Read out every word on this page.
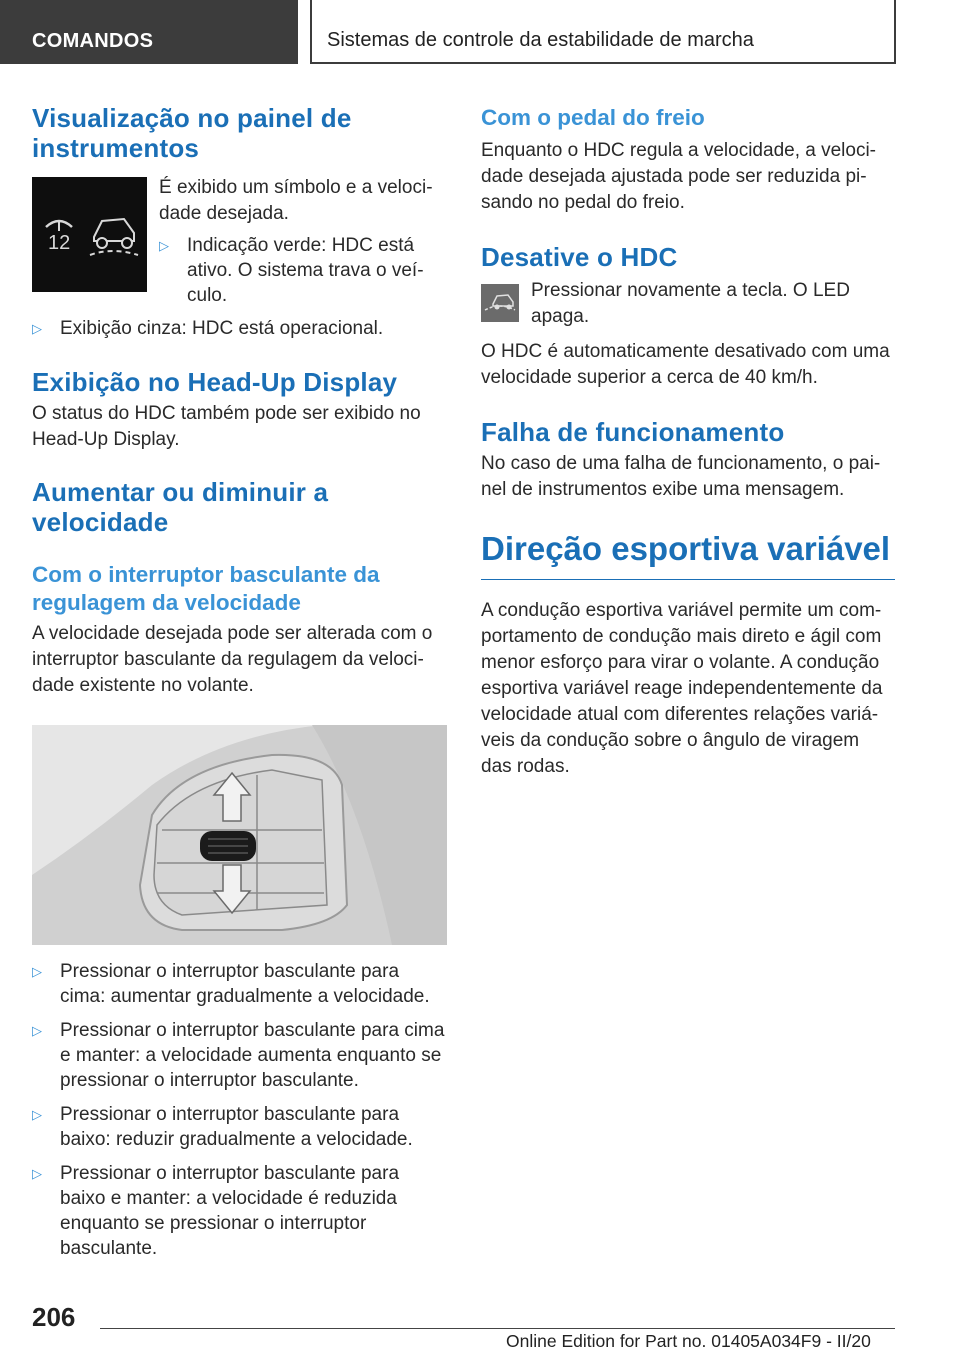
COMANDOS	Sistemas de controle da estabilidade de marcha
Visualização no painel de instrumentos
12
É exibido um símbolo e a veloci-dade desejada.
▷ Indicação verde: HDC está ativo. O sistema trava o veí-culo.
▷ Exibição cinza: HDC está operacional.
Exibição no Head-Up Display
O status do HDC também pode ser exibido no Head-Up Display.
Aumentar ou diminuir a velocidade
Com o interruptor basculante da regulagem da velocidade
A velocidade desejada pode ser alterada com o interruptor basculante da regulagem da veloci-dade existente no volante.
▷ Pressionar o interruptor basculante para cima: aumentar gradualmente a velocidade.
▷ Pressionar o interruptor basculante para cima e manter: a velocidade aumenta enquanto se pressionar o interruptor basculante.
▷ Pressionar o interruptor basculante para baixo: reduzir gradualmente a velocidade.
▷ Pressionar o interruptor basculante para baixo e manter: a velocidade é reduzida enquanto se pressionar o interruptor basculante.
Com o pedal do freio
Enquanto o HDC regula a velocidade, a veloci-dade desejada ajustada pode ser reduzida pi-sando no pedal do freio.
Desative o HDC
Pressionar novamente a tecla. O LED apaga.
O HDC é automaticamente desativado com uma velocidade superior a cerca de 40 km/h.
Falha de funcionamento
No caso de uma falha de funcionamento, o pai-nel de instrumentos exibe uma mensagem.
Direção esportiva variável
A condução esportiva variável permite um com-portamento de condução mais direto e ágil com menor esforço para virar o volante. A condução esportiva variável reage independentemente da velocidade atual com diferentes relações variá-veis da condução sobre o ângulo de viragem das rodas.
206
Online Edition for Part no. 01405A034F9 - II/20
